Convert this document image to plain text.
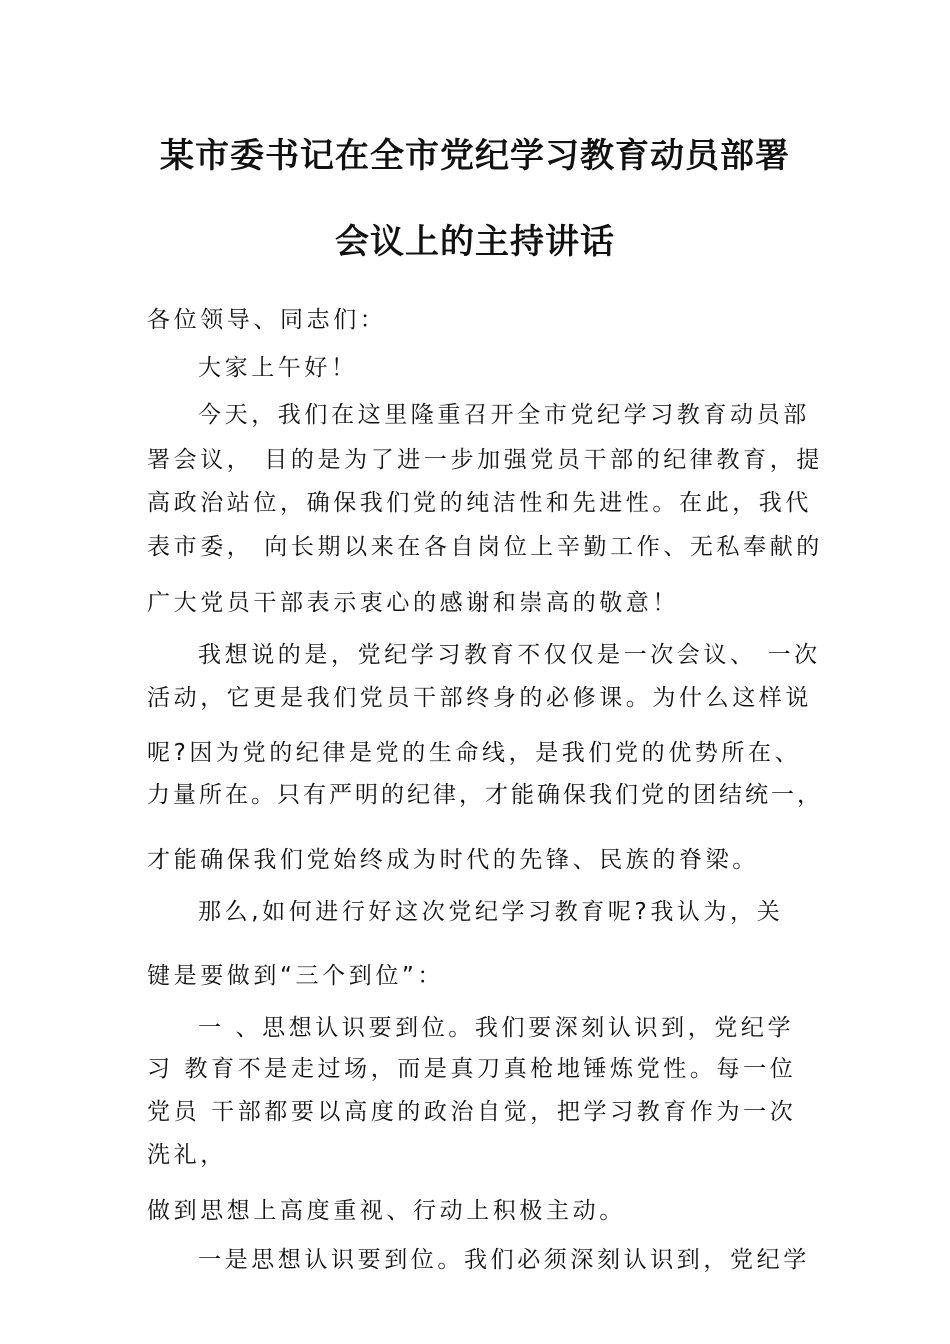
某市委书记在全市党纪学习教育动员部署
会议上的主持讲话
各位领导、同志们：
大家上午好！
今天，我们在这里隆重召开全市党纪学习教育动员部
署会议， 目的是为了进一步加强党员干部的纪律教育，提
高政治站位，确保我们党的纯洁性和先进性。在此，我代
表市委， 向长期以来在各自岗位上辛勤工作、无私奉献的
广大党员干部表示衷心的感谢和崇高的敬意！
我想说的是，党纪学习教育不仅仅是一次会议、 一次
活动，它更是我们党员干部终身的必修课。为什么这样说
呢?因为党的纪律是党的生命线，是我们党的优势所在、
力量所在。只有严明的纪律，才能确保我们党的团结统一，
才能确保我们党始终成为时代的先锋、民族的脊梁。
那么,如何进行好这次党纪学习教育呢?我认为，关
键是要做到“三个到位”：
一 、思想认识要到位。我们要深刻认识到，党纪学
习 教育不是走过场，而是真刀真枪地锤炼党性。每一位
党员 干部都要以高度的政治自觉，把学习教育作为一次
洗礼，
做到思想上高度重视、行动上积极主动。
一是思想认识要到位。我们必须深刻认识到，党纪学
